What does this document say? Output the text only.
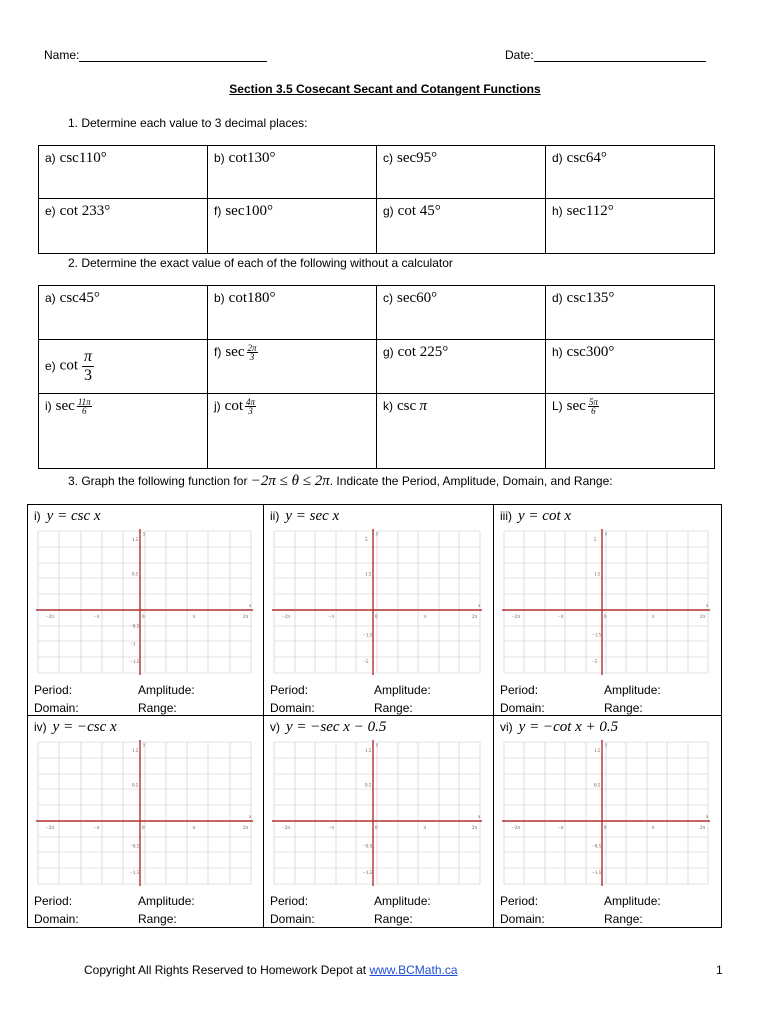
Name:	Date:
Section 3.5 Cosecant Secant and Cotangent Functions
1. Determine each value to 3 decimal places:
a) csc110°	b) cot130°	c) sec95°	d) csc64°
e) cot 233°	f) sec100°	g) cot 45°	h) sec112°
2. Determine the exact value of each of the following without a calculator
a) csc45°	b) cot180°	c) sec60°	d) csc135°
e) $\cot \frac{\pi}{3}$	f) $\sec \frac{2\pi}{3}$	g) cot 225°	h) csc300°
i) $\sec \frac{11\pi}{6}$	j) $\cot \frac{4\pi}{3}$	k) csc π	L) $\sec \frac{5\pi}{6}$
3. Graph the following function for −2π ≤ θ ≤ 2π. Indicate the Period, Amplitude, Domain, and Range:
i) y = csc x
x
y
−2π	−π	0	π	2π
1.5
0.5
−0.5
−1
−1.5
Period:	Amplitude:
Domain:	Range:
ii) y = sec x
x
y
−2π	−π	0	π	2π
5
1.5
−1.5
−5
Period:	Amplitude:
Domain:	Range:
iii) y = cot x
x
y
−2π	−π	0	π	2π
5
1.5
−1.5
−5
Period:	Amplitude:
Domain:	Range:
iv) y = −csc x
x
y
−2π	−π	0	π	2π
1.5
0.5
−0.5
−1.5
Period:	Amplitude:
Domain:	Range:
v) y = −sec x − 0.5
x
y
−2π	−π	0	π	2π
1.5
0.5
−0.5
−1.5
Period:	Amplitude:
Domain:	Range:
vi) y = −cot x + 0.5
x
y
−2π	−π	0	π	2π
1.5
0.5
−0.5
−1.5
Period:	Amplitude:
Domain:	Range:
Copyright All Rights Reserved to Homework Depot at www.BCMath.ca	1
